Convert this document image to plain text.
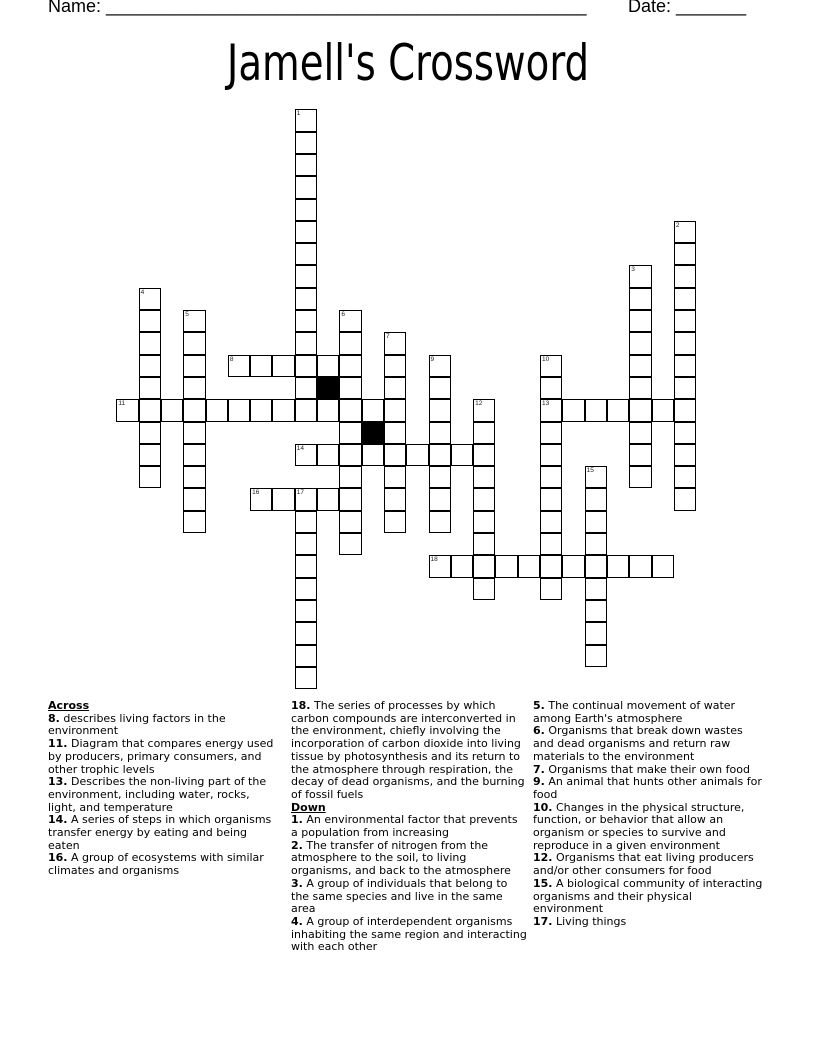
Name: ________________________________________________ Date: _______
Jamell's Crossword
1
2
3
4
5	6
7
8	9	10
13
11	12
14
15
16	17
18
Across
8. describes living factors in the environment
11. Diagram that compares energy used by producers, primary consumers, and other trophic levels
13. Describes the non-living part of the environment, including water, rocks, light, and temperature
14. A series of steps in which organisms transfer energy by eating and being eaten
16. A group of ecosystems with similar climates and organisms
18. The series of processes by which carbon compounds are interconverted in the environment, chiefly involving the incorporation of carbon dioxide into living tissue by photosynthesis and its return to the atmosphere through respiration, the decay of dead organisms, and the burning of fossil fuels
Down
1. An environmental factor that prevents a population from increasing
2. The transfer of nitrogen from the atmosphere to the soil, to living organisms, and back to the atmosphere
3. A group of individuals that belong to the same species and live in the same area
4. A group of interdependent organisms inhabiting the same region and interacting with each other
5. The continual movement of water among Earth's atmosphere
6. Organisms that break down wastes and dead organisms and return raw materials to the environment
7. Organisms that make their own food
9. An animal that hunts other animals for food
10. Changes in the physical structure, function, or behavior that allow an organism or species to survive and reproduce in a given environment
12. Organisms that eat living producers and/or other consumers for food
15. A biological community of interacting organisms and their physical environment
17. Living things
